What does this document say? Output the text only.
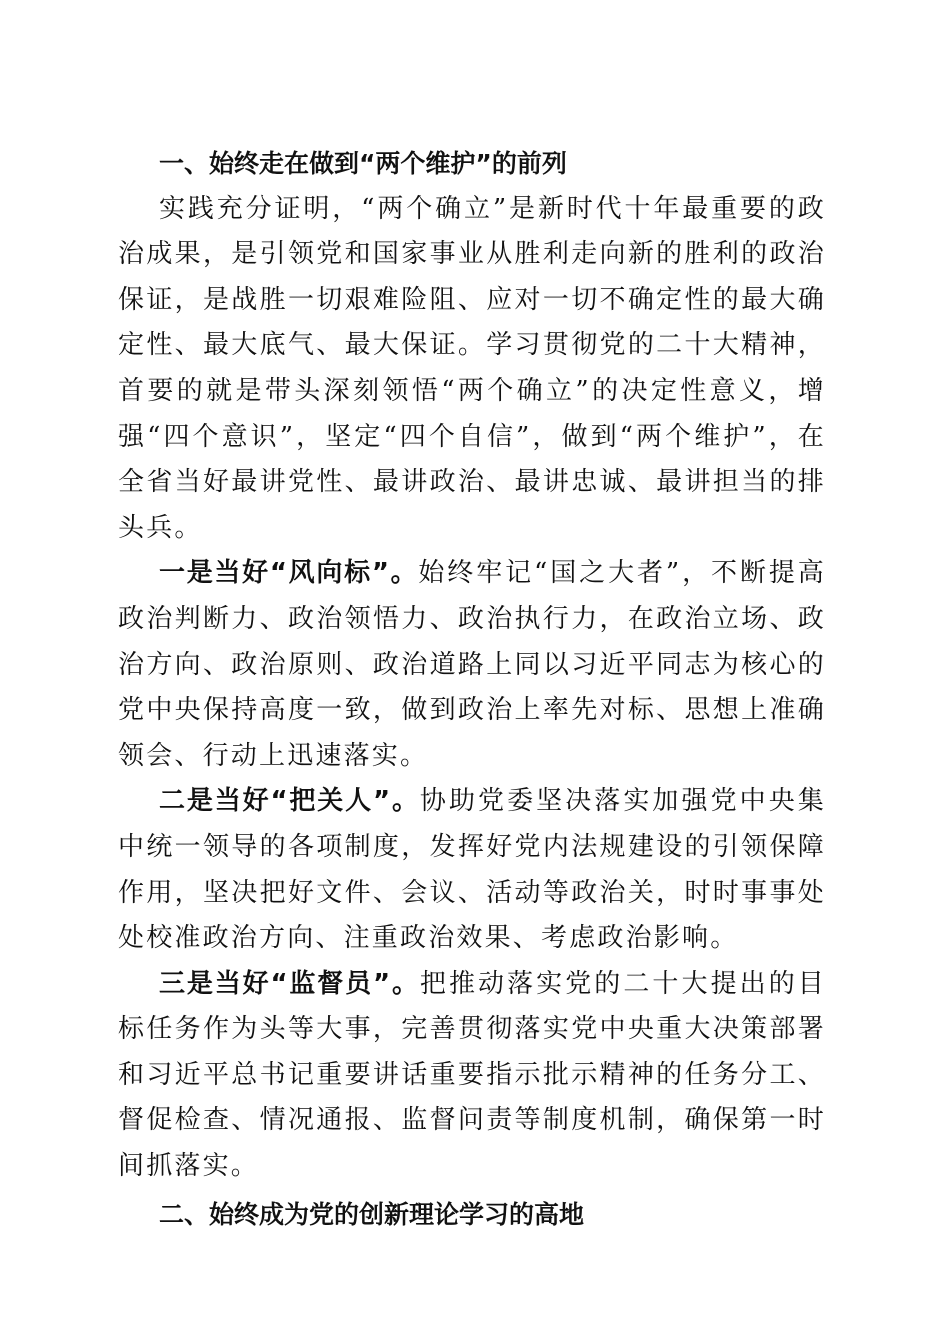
一、始终走在做到“两个维护”的前列

实践充分证明，“两个确立”是新时代十年最重要的政治成果，是引领党和国家事业从胜利走向新的胜利的政治保证，是战胜一切艰难险阻、应对一切不确定性的最大确定性、最大底气、最大保证。学习贯彻党的二十大精神，首要的就是带头深刻领悟“两个确立”的决定性意义，增强“四个意识”，坚定“四个自信”，做到“两个维护”，在全省当好最讲党性、最讲政治、最讲忠诚、最讲担当的排头兵。

一是当好“风向标”。始终牢记“国之大者”，不断提高政治判断力、政治领悟力、政治执行力，在政治立场、政治方向、政治原则、政治道路上同以习近平同志为核心的党中央保持高度一致，做到政治上率先对标、思想上准确领会、行动上迅速落实。

二是当好“把关人”。协助党委坚决落实加强党中央集中统一领导的各项制度，发挥好党内法规建设的引领保障作用，坚决把好文件、会议、活动等政治关，时时事事处处校准政治方向、注重政治效果、考虑政治影响。

三是当好“监督员”。把推动落实党的二十大提出的目标任务作为头等大事，完善贯彻落实党中央重大决策部署和习近平总书记重要讲话重要指示批示精神的任务分工、督促检查、情况通报、监督问责等制度机制，确保第一时间抓落实。

二、始终成为党的创新理论学习的高地
